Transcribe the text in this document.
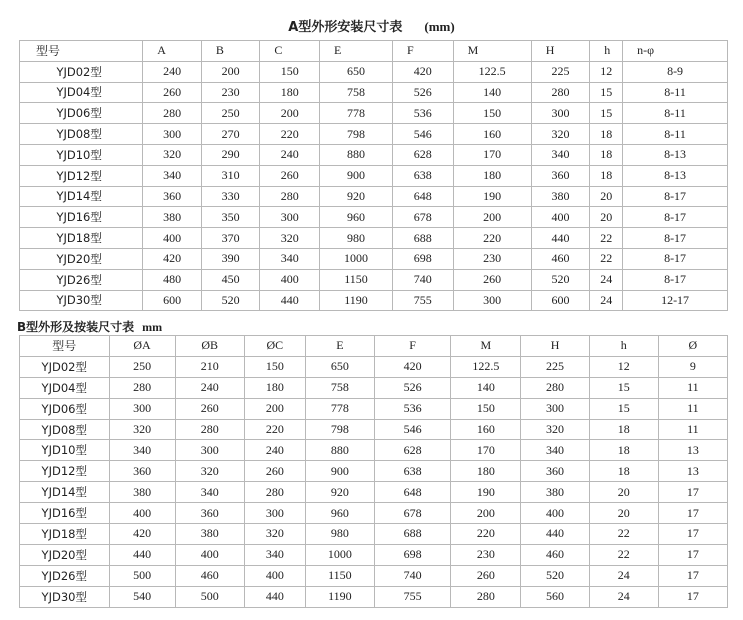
A型外形安装尺寸表 (mm)
型号	A	B	C	E	F	M	H	h	n-φ
YJD02型	240	200	150	650	420	122.5	225	12	8-9
YJD04型	260	230	180	758	526	140	280	15	8-11
YJD06型	280	250	200	778	536	150	300	15	8-11
YJD08型	300	270	220	798	546	160	320	18	8-11
YJD10型	320	290	240	880	628	170	340	18	8-13
YJD12型	340	310	260	900	638	180	360	18	8-13
YJD14型	360	330	280	920	648	190	380	20	8-17
YJD16型	380	350	300	960	678	200	400	20	8-17
YJD18型	400	370	320	980	688	220	440	22	8-17
YJD20型	420	390	340	1000	698	230	460	22	8-17
YJD26型	480	450	400	1150	740	260	520	24	8-17
YJD30型	600	520	440	1190	755	300	600	24	12-17
B型外形及按装尺寸表 mm
型号	ØA	ØB	ØC	E	F	M	H	h	Ø
YJD02型	250	210	150	650	420	122.5	225	12	9
YJD04型	280	240	180	758	526	140	280	15	11
YJD06型	300	260	200	778	536	150	300	15	11
YJD08型	320	280	220	798	546	160	320	18	11
YJD10型	340	300	240	880	628	170	340	18	13
YJD12型	360	320	260	900	638	180	360	18	13
YJD14型	380	340	280	920	648	190	380	20	17
YJD16型	400	360	300	960	678	200	400	20	17
YJD18型	420	380	320	980	688	220	440	22	17
YJD20型	440	400	340	1000	698	230	460	22	17
YJD26型	500	460	400	1150	740	260	520	24	17
YJD30型	540	500	440	1190	755	280	560	24	17
